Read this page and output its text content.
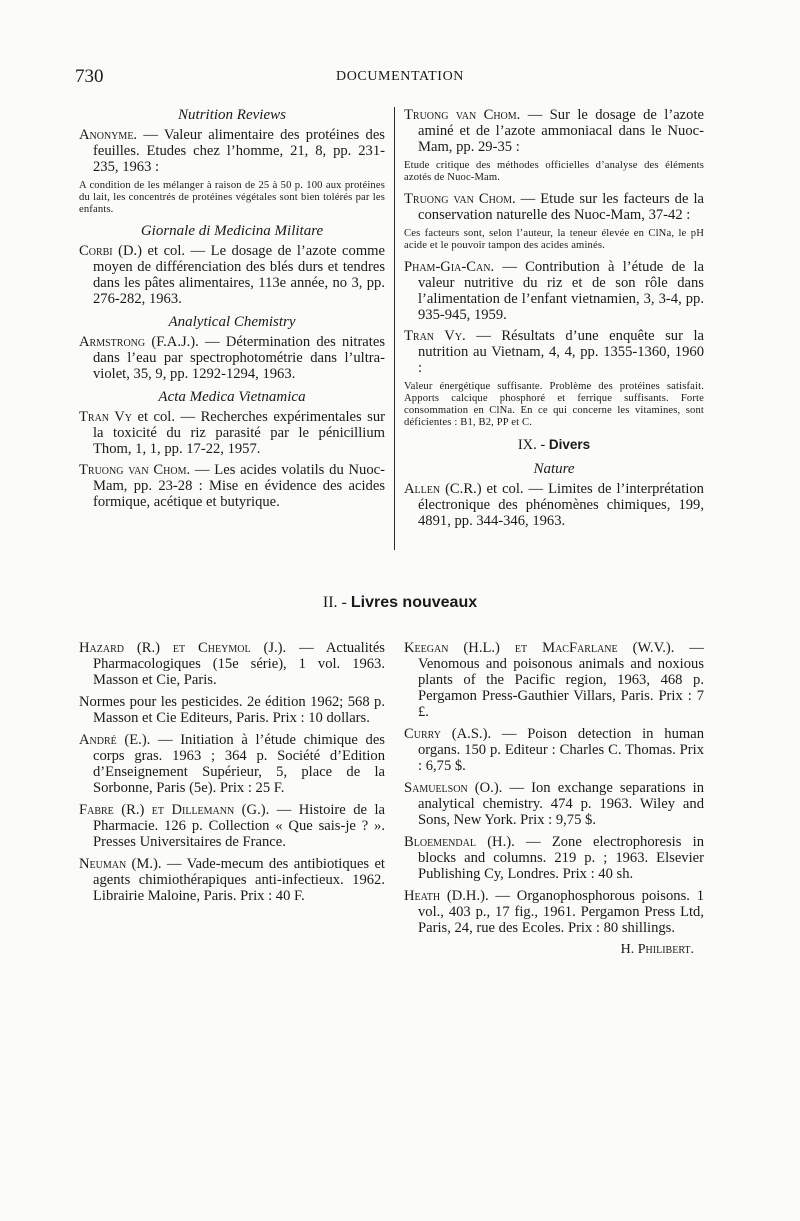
730	DOCUMENTATION
Nutrition Reviews
Anonyme. — Valeur alimentaire des protéines des feuilles. Etudes chez l’homme, 21, 8, pp. 231-235, 1963 :
A condition de les mélanger à raison de 25 à 50 p. 100 aux protéines du lait, les concentrés de protéines végétales sont bien tolérés par les enfants.
Giornale di Medicina Militare
Corbi (D.) et col. — Le dosage de l’azote comme moyen de différenciation des blés durs et tendres dans les pâtes alimentaires, 113e année, no 3, pp. 276-282, 1963.
Analytical Chemistry
Armstrong (F.A.J.). — Détermination des nitrates dans l’eau par spectrophotométrie dans l’ultra-violet, 35, 9, pp. 1292-1294, 1963.
Acta Medica Vietnamica
Tran Vy et col. — Recherches expérimentales sur la toxicité du riz parasité par le pénicillium Thom, 1, 1, pp. 17-22, 1957.
Truong van Chom. — Les acides volatils du Nuoc-Mam, pp. 23-28 : Mise en évidence des acides formique, acétique et butyrique.
Truong van Chom. — Sur le dosage de l’azote aminé et de l’azote ammoniacal dans le Nuoc-Mam, pp. 29-35 :
Etude critique des méthodes officielles d’analyse des éléments azotés de Nuoc-Mam.
Truong van Chom. — Etude sur les facteurs de la conservation naturelle des Nuoc-Mam, 37-42 :
Ces facteurs sont, selon l’auteur, la teneur élevée en ClNa, le pH acide et le pouvoir tampon des acides aminés.
Pham-Gia-Can. — Contribution à l’étude de la valeur nutritive du riz et de son rôle dans l’alimentation de l’enfant vietnamien, 3, 3-4, pp. 935-945, 1959.
Tran Vy. — Résultats d’une enquête sur la nutrition au Vietnam, 4, 4, pp. 1355-1360, 1960 :
Valeur énergétique suffisante. Problème des protéines satisfait. Apports calcique phosphoré et ferrique suffisants. Forte consommation en ClNa. En ce qui concerne les vitamines, sont déficientes : B1, B2, PP et C.
IX. - Divers
Nature
Allen (C.R.) et col. — Limites de l’interprétation électronique des phénomènes chimiques, 199, 4891, pp. 344-346, 1963.
II. - Livres nouveaux
Hazard (R.) et Cheymol (J.). — Actualités Pharmacologiques (15e série), 1 vol. 1963. Masson et Cie, Paris.
Normes pour les pesticides. 2e édition 1962; 568 p. Masson et Cie Editeurs, Paris. Prix : 10 dollars.
André (E.). — Initiation à l’étude chimique des corps gras. 1963 ; 364 p. Société d’Edition d’Enseignement Supérieur, 5, place de la Sorbonne, Paris (5e). Prix : 25 F.
Fabre (R.) et Dillemann (G.). — Histoire de la Pharmacie. 126 p. Collection « Que sais-je ? ». Presses Universitaires de France.
Neuman (M.). — Vade-mecum des antibiotiques et agents chimiothérapiques anti-infectieux. 1962. Librairie Maloine, Paris. Prix : 40 F.
Keegan (H.L.) et MacFarlane (W.V.). — Venomous and poisonous animals and noxious plants of the Pacific region, 1963, 468 p. Pergamon Press-Gauthier Villars, Paris. Prix : 7 £.
Curry (A.S.). — Poison detection in human organs. 150 p. Editeur : Charles C. Thomas. Prix : 6,75 $.
Samuelson (O.). — Ion exchange separations in analytical chemistry. 474 p. 1963. Wiley and Sons, New York. Prix : 9,75 $.
Bloemendal (H.). — Zone electrophoresis in blocks and columns. 219 p. ; 1963. Elsevier Publishing Cy, Londres. Prix : 40 sh.
Heath (D.H.). — Organophosphorous poisons. 1 vol., 403 p., 17 fig., 1961. Pergamon Press Ltd, Paris, 24, rue des Ecoles. Prix : 80 shillings.
H. Philibert.
